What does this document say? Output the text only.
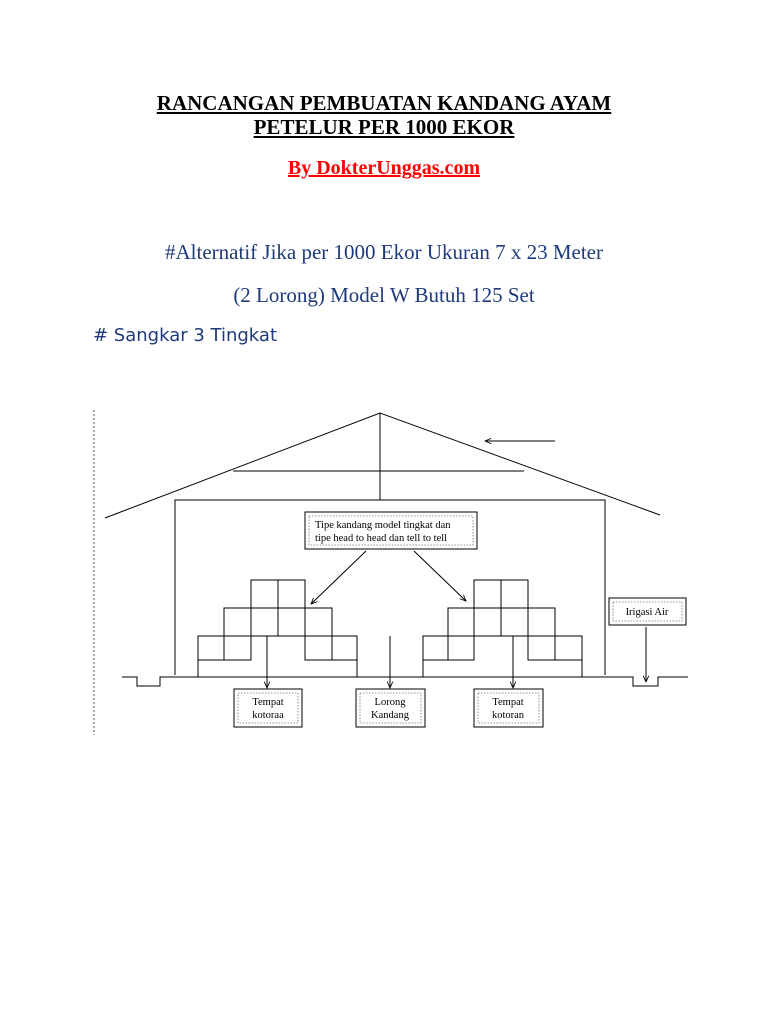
RANCANGAN PEMBUATAN KANDANG AYAM
PETELUR PER 1000 EKOR
By DokterUnggas.com
#Alternatif Jika per 1000 Ekor Ukuran 7 x 23 Meter
(2 Lorong) Model W Butuh 125 Set
# Sangkar 3 Tingkat
Tipe kandang model tingkat dan
tipe head to head dan tell to tell
Irigasi Air
Tempat
kotoraa
Lorong
Kandang
Tempat
kotoran
